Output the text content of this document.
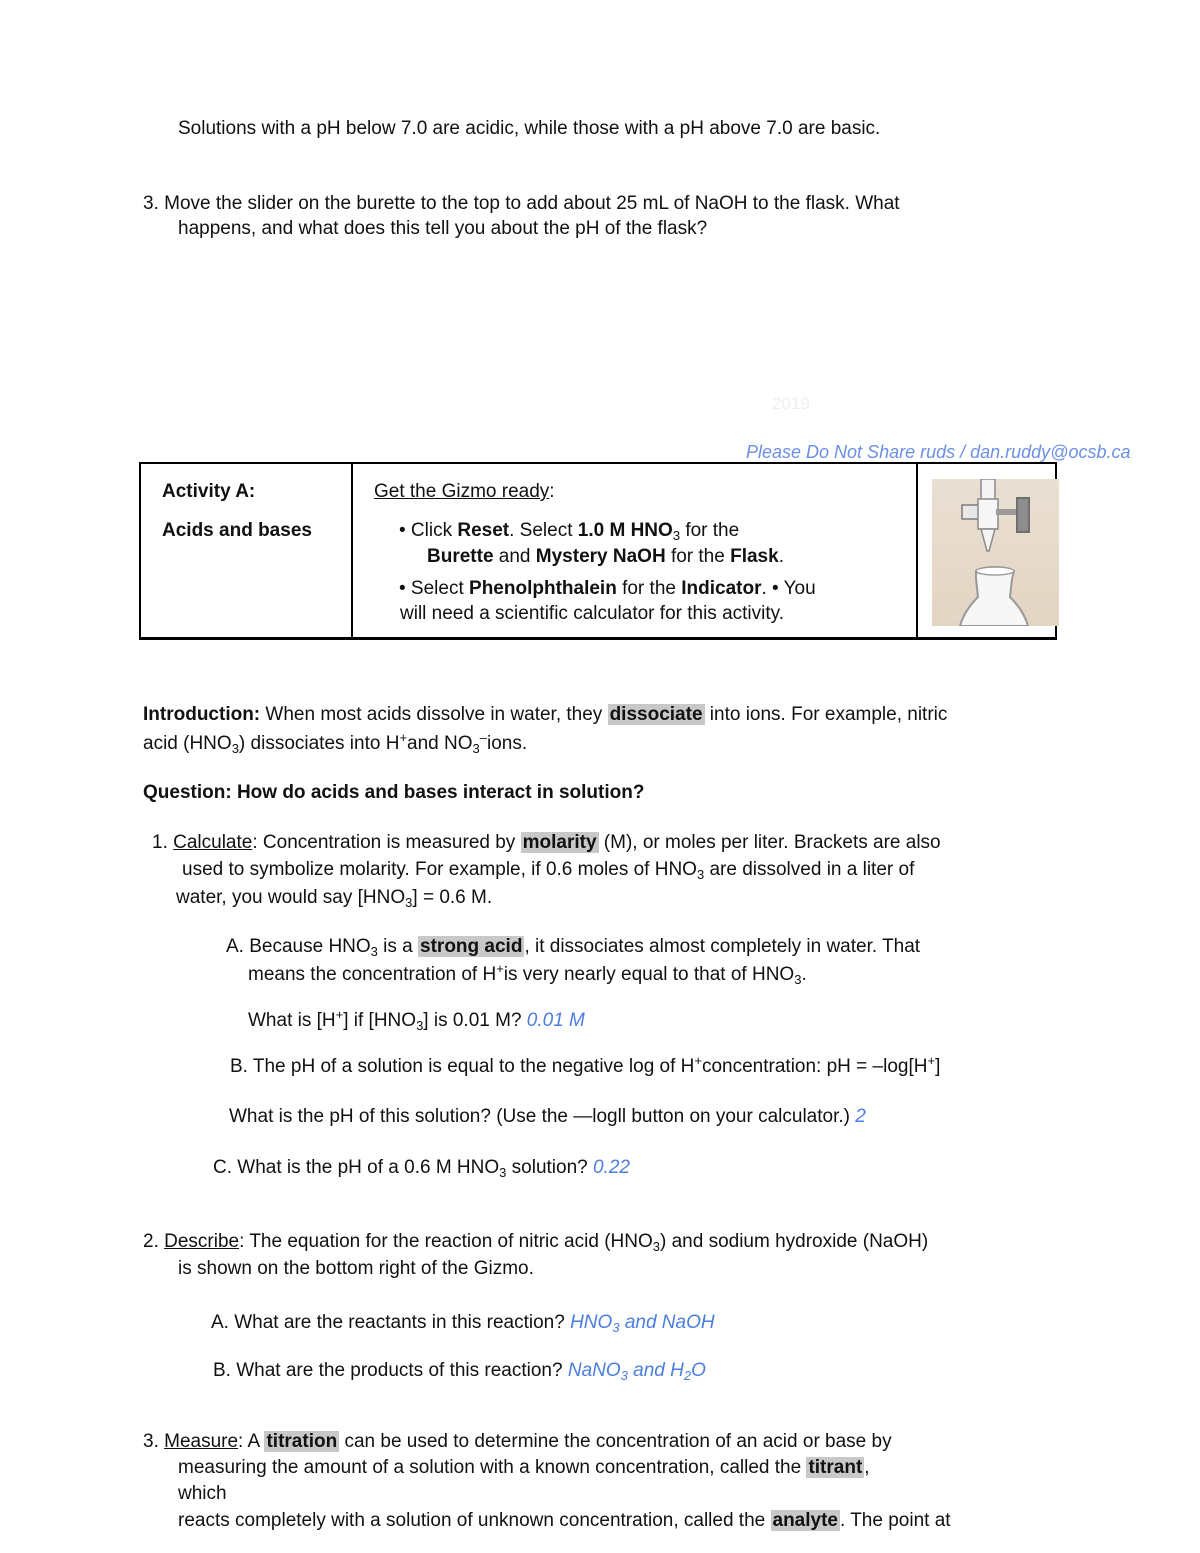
Solutions with a pH below 7.0 are acidic, while those with a pH above 7.0 are basic.
3. Move the slider on the burette to the top to add about 25 mL of NaOH to the flask. What
happens, and what does this tell you about the pH of the flask?
2019
Please Do Not Share ruds / dan.ruddy@ocsb.ca
Activity A:
Acids and bases
Get the Gizmo ready:
• Click Reset. Select 1.0 M $HNO_3$ for the
Burette and Mystery NaOH for the Flask.
• Select Phenolphthalein for the Indicator. • You
will need a scientific calculator for this activity.
Introduction: When most acids dissolve in water, they dissociate into ions. For example, nitric
acid $(HNO_3)$ dissociates into H+and $NO_3^-ions$.
Question: How do acids and bases interact in solution?
1. Calculate: Concentration is measured by molarity (M), or moles per liter. Brackets are also
used to symbolize molarity. For example, if 0.6 moles of $HNO_3$ are dissolved in a liter of
water, you would say $[HNO_3] = 0.6$ M.
A. Because $HNO_3$ is a strong acid , it dissociates almost completely in water. That
means the concentration of H+is very nearly equal to that of $HNO_3$.
What is [H+] if $[HNO_3]$ is 0.01 M? 0.01 M
B. The pH of a solution is equal to the negative log of H+concentration: pH = –log[H+]
What is the pH of this solution? (Use the —logll button on your calculator.) 2
C. What is the pH of a 0.6 M $HNO_3$ solution? 0.22
2. Describe: The equation for the reaction of nitric acid $(HNO_3)$ and sodium hydroxide (NaOH)
is shown on the bottom right of the Gizmo.
A. What are the reactants in this reaction? $HNO_3$ and NaOH
B. What are the products of this reaction? NaNO$_3$ and $H_2O$
3. Measure: A titration can be used to determine the concentration of an acid or base by
measuring the amount of a solution with a known concentration, called the titrant ,
which
reacts completely with a solution of unknown concentration, called the analyte . The point at
